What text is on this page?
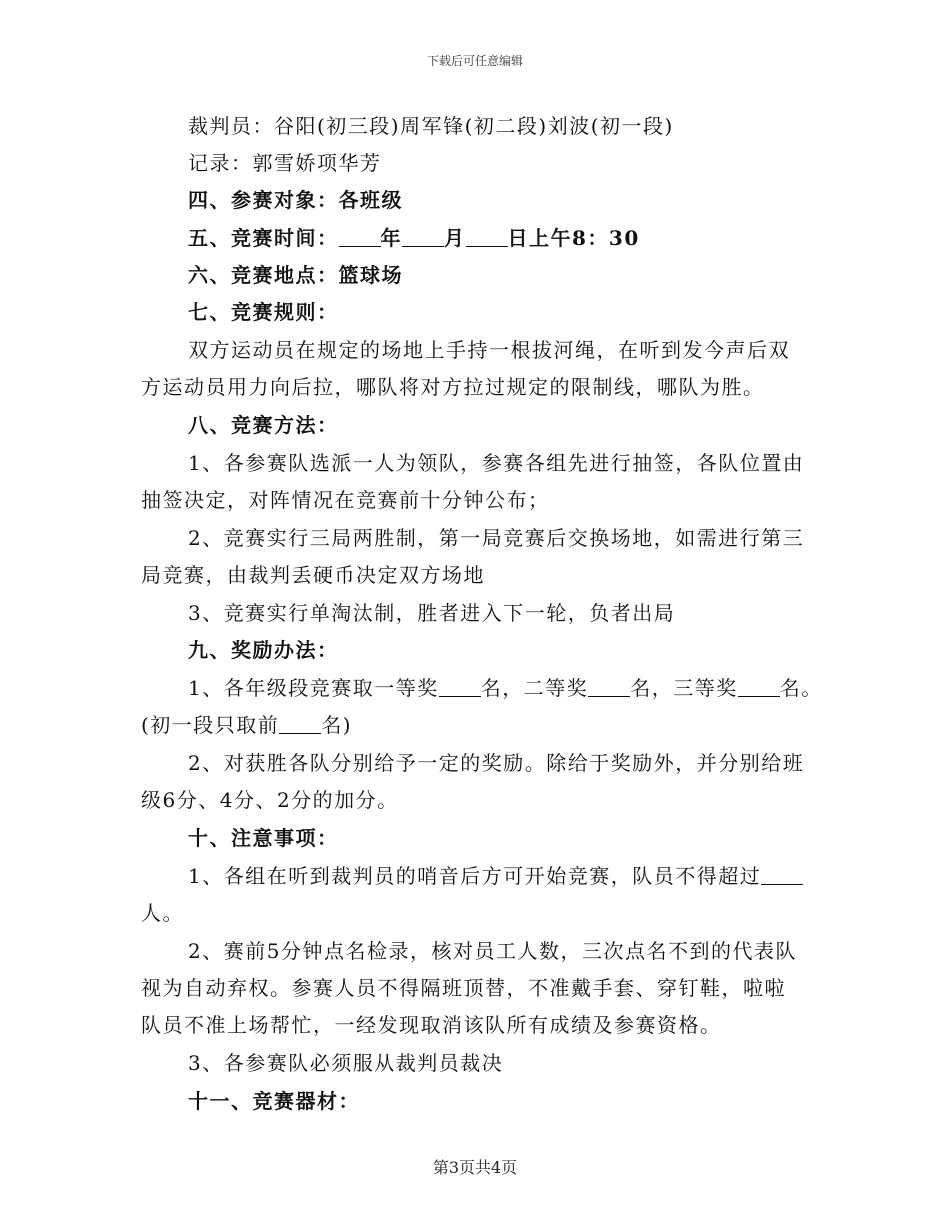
下载后可任意编辑
裁判员：谷阳(初三段)周军锋(初二段)刘波(初一段)
记录：郭雪娇项华芳
四、参赛对象：各班级
五、竞赛时间： 年 月 日上午8：30
六、竞赛地点：篮球场
七、竞赛规则：
双方运动员在规定的场地上手持一根拔河绳，在听到发今声后双
方运动员用力向后拉，哪队将对方拉过规定的限制线，哪队为胜。
八、竞赛方法：
1、各参赛队选派一人为领队，参赛各组先进行抽签，各队位置由
抽签决定，对阵情况在竞赛前十分钟公布；
2、竞赛实行三局两胜制，第一局竞赛后交换场地，如需进行第三
局竞赛，由裁判丢硬币决定双方场地
3、竞赛实行单淘汰制，胜者进入下一轮，负者出局
九、奖励办法：
1、各年级段竞赛取一等奖 名，二等奖 名，三等奖 名。
(初一段只取前 名)
2、对获胜各队分别给予一定的奖励。除给于奖励外，并分别给班
级6分、4分、2分的加分。
十、注意事项：
1、各组在听到裁判员的哨音后方可开始竞赛，队员不得超过
人。
2、赛前5分钟点名检录，核对员工人数，三次点名不到的代表队
视为自动弃权。参赛人员不得隔班顶替，不准戴手套、穿钉鞋，啦啦
队员不准上场帮忙，一经发现取消该队所有成绩及参赛资格。
3、各参赛队必须服从裁判员裁决
十一、竞赛器材：
第3页共4页
